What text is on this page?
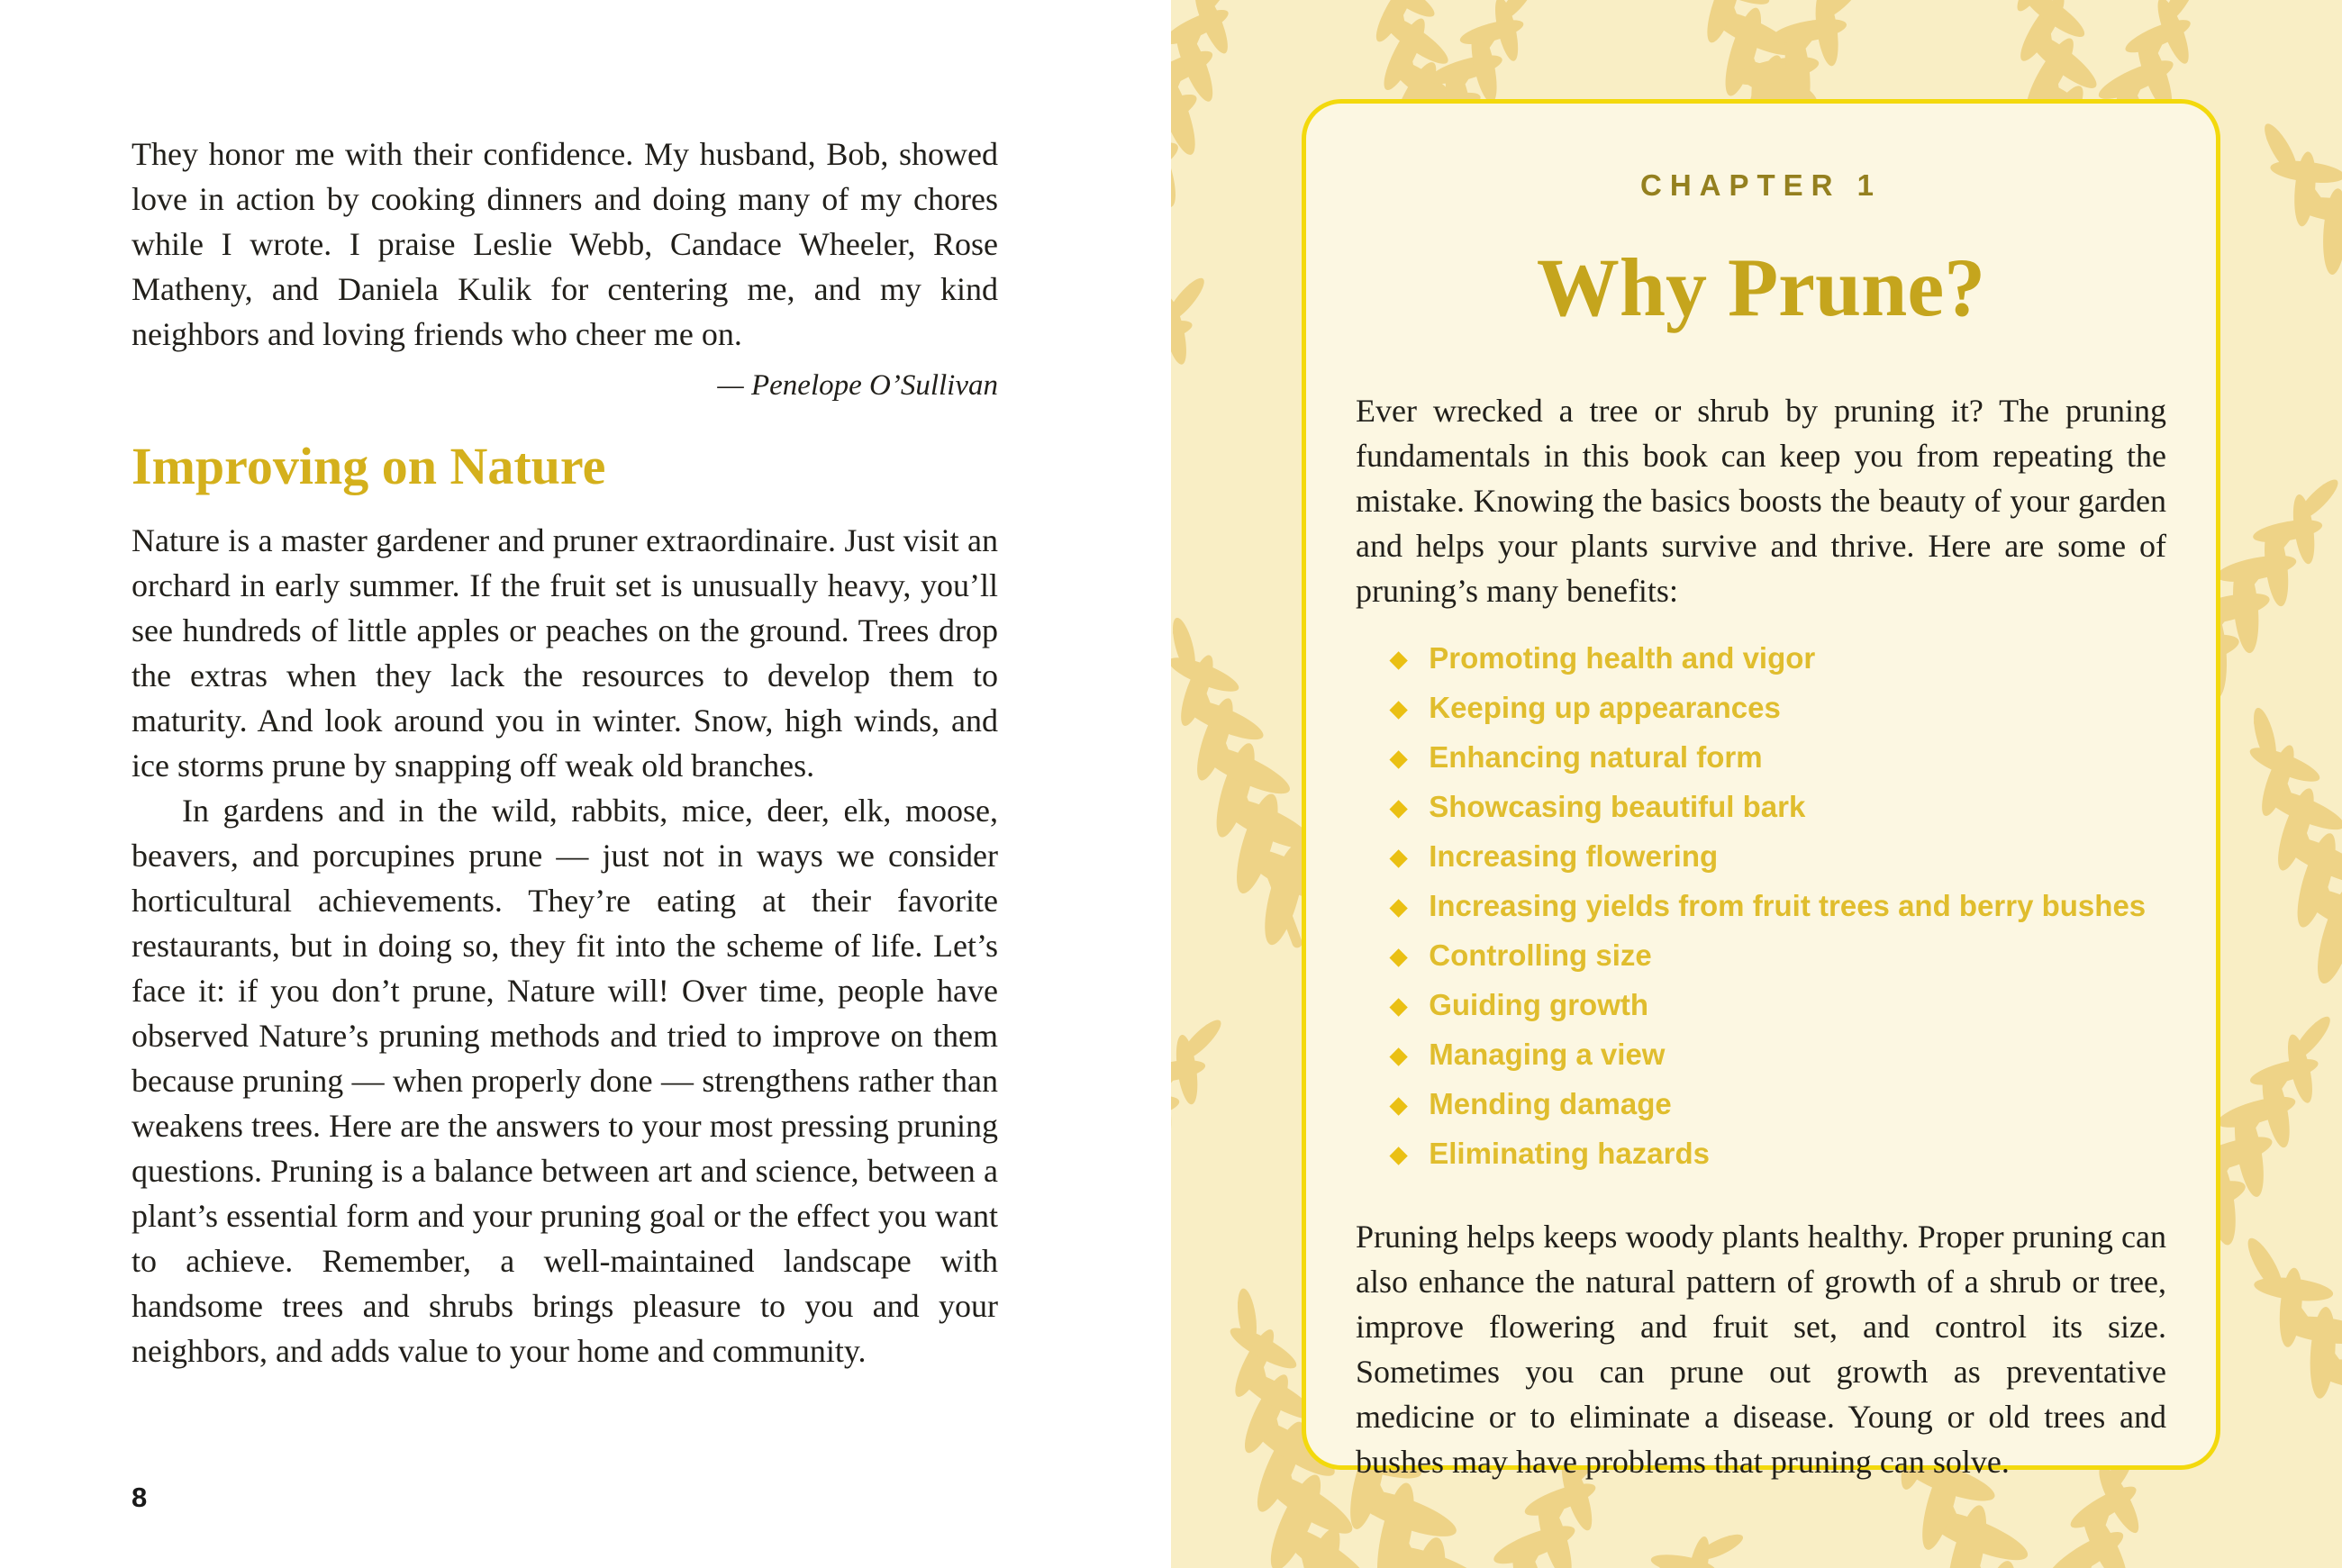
They honor me with their confidence. My husband, Bob, showed love in action by cooking dinners and doing many of my chores while I wrote. I praise Leslie Webb, Candace Wheeler, Rose Matheny, and Daniela Kulik for centering me, and my kind neighbors and loving friends who cheer me on.

— Penelope O’Sullivan

Improving on Nature

Nature is a master gardener and pruner extraordinaire. Just visit an orchard in early summer. If the fruit set is unusually heavy, you’ll see hundreds of little apples or peaches on the ground. Trees drop the extras when they lack the resources to develop them to maturity. And look around you in winter. Snow, high winds, and ice storms prune by snapping off weak old branches.

In gardens and in the wild, rabbits, mice, deer, elk, moose, beavers, and porcupines prune — just not in ways we consider horticultural achievements. They’re eating at their favorite restaurants, but in doing so, they fit into the scheme of life. Let’s face it: if you don’t prune, Nature will! Over time, people have observed Nature’s pruning methods and tried to improve on them because pruning — when properly done — strengthens rather than weakens trees. Here are the answers to your most pressing pruning questions. Pruning is a balance between art and science, between a plant’s essential form and your pruning goal or the effect you want to achieve. Remember, a well-maintained landscape with handsome trees and shrubs brings pleasure to you and your neighbors, and adds value to your home and community.

8

CHAPTER 1

Why Prune?

Ever wrecked a tree or shrub by pruning it? The pruning fundamentals in this book can keep you from repeating the mistake. Knowing the basics boosts the beauty of your garden and helps your plants survive and thrive. Here are some of pruning’s many benefits:

◆ Promoting health and vigor
◆ Keeping up appearances
◆ Enhancing natural form
◆ Showcasing beautiful bark
◆ Increasing flowering
◆ Increasing yields from fruit trees and berry bushes
◆ Controlling size
◆ Guiding growth
◆ Managing a view
◆ Mending damage
◆ Eliminating hazards

Pruning helps keeps woody plants healthy. Proper pruning can also enhance the natural pattern of growth of a shrub or tree, improve flowering and fruit set, and control its size. Sometimes you can prune out growth as preventative medicine or to eliminate a disease. Young or old trees and bushes may have problems that pruning can solve.
